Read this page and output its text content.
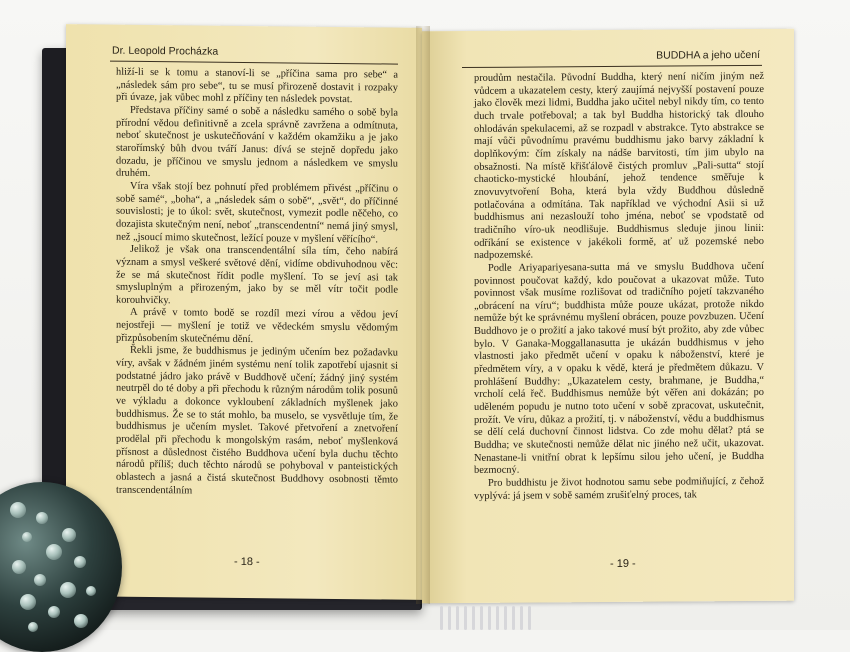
Dr. Leopold Procházka

hliží-li se k tomu a stanoví-li se „příčina sama pro sebe“ a „následek sám pro sebe“, tu se musí přirozeně dostavit i rozpaky při úvaze, jak vůbec mohl z příčiny ten následek povstat.

Představa příčiny samé o sobě a následku samého o sobě byla přírodní vědou definitivně a zcela správně zavržena a odmítnuta, neboť skutečnost je uskutečňování v každém okamžiku a je jako starořímský bůh dvou tváří Janus: dívá se stejně dopředu jako dozadu, je příčinou ve smyslu jednom a následkem ve smyslu druhém.

Víra však stojí bez pohnutí před problémem přivést „příčinu o sobě samé“, „boha“, a „následek sám o sobě“, „svět“, do příčinné souvislosti; je to úkol: svět, skutečnost, vymezit podle něčeho, co dozajista skutečným není, neboť „transcendentní“ nemá jiný smysl, než „jsoucí mimo skutečnost, ležící pouze v myšlení věřícího“.

Jelikož je však ona transcendentální síla tím, čeho nabírá význam a smysl veškeré světové dění, vidíme obdivuhodnou věc: že se má skutečnost řídit podle myšlení. To se jeví asi tak smysluplným a přirozeným, jako by se měl vítr točit podle korouhvičky.

A právě v tomto bodě se rozdíl mezi vírou a vědou jeví nejostřeji — myšlení je totiž ve vědeckém smyslu vědomým přizpůsobením skutečnému dění.

Řekli jsme, že buddhismus je jediným učením bez požadavku víry, avšak v žádném jiném systému není tolik zapotřebí ujasnit si podstatné jádro jako právě v Buddhově učení; žádný jiný systém neutrpěl do té doby a při přechodu k různým národům tolik posunů ve výkladu a dokonce vykloubení základních myšlenek jako buddhismus. Že se to stát mohlo, ba muselo, se vysvětluje tím, že buddhismus je učením myslet. Takové přetvoření a znetvoření prodělal při přechodu k mongolským rasám, neboť myšlenková přísnost a důslednost čistého Buddhova učení byla duchu těchto národů příliš; duch těchto národů se pohyboval v panteistických oblastech a jasná a čistá skutečnost Buddhovy osobnosti těmto transcendentálním

- 18 -
BUDDHA a jeho učení

proudům nestačila. Původní Buddha, který není ničím jiným než vůdcem a ukazatelem cesty, který zaujímá nejvyšší postavení pouze jako člověk mezi lidmi, Buddha jako učitel nebyl nikdy tím, co tento duch trvale potřeboval; a tak byl Buddha historický tak dlouho ohlodáván spekulacemi, až se rozpadl v abstrakce. Tyto abstrakce se mají vůči původnímu pravému buddhismu jako barvy základní k doplňkovým: čím získaly na nádše barvitosti, tím jim ubylo na obsažnosti. Na místě křišťálově čistých promluv „Pali-sutta“ stojí chaoticko-mystické hloubání, jehož tendence směřuje k znovuvytvoření Boha, která byla vždy Buddhou důsledně potlačována a odmítána. Tak například ve východní Asii si už buddhismus ani nezaslouží toho jména, neboť se vpodstatě od tradičního víro-uk neodlišuje. Buddhismus sleduje jinou linii: odříkání se existence v jakékoli formě, ať už pozemské nebo nadpozemské.

Podle Ariyapariyesana-sutta má ve smyslu Buddhova učení povinnost poučovat každý, kdo poučovat a ukazovat může. Tuto povinnost však musíme rozlišovat od tradičního pojetí takzvaného „obrácení na víru“; buddhista může pouze ukázat, protože nikdo nemůže být ke správnému myšlení obrácen, pouze povzbuzen. Učení Buddhovo je o prožití a jako takové musí být prožito, aby zde vůbec bylo. V Ganaka-Moggallanasutta je ukázán buddhismus v jeho vlastnosti jako předmět učení v opaku k náboženství, které je předmětem víry, a v opaku k vědě, která je předmětem důkazu. V prohlášení Buddhy: „Ukazatelem cesty, brahmane, je Buddha,“ vrcholí celá řeč. Buddhismus nemůže být věřen ani dokázán; po uděleném popudu je nutno toto učení v sobě zpracovat, uskutečnit, prožít. Ve víru, důkaz a prožití, tj. v náboženství, vědu a buddhismus se dělí celá duchovní činnost lidstva. Co zde mohu dělat? ptá se Buddha; ve skutečnosti nemůže dělat nic jiného než učit, ukazovat. Nenastane-li vnitřní obrat k lepšímu silou jeho učení, je Buddha bezmocný.

Pro buddhistu je život hodnotou samu sebe podmiňující, z čehož vyplývá: já jsem v sobě samém zrušiťelný proces, tak

- 19 -
